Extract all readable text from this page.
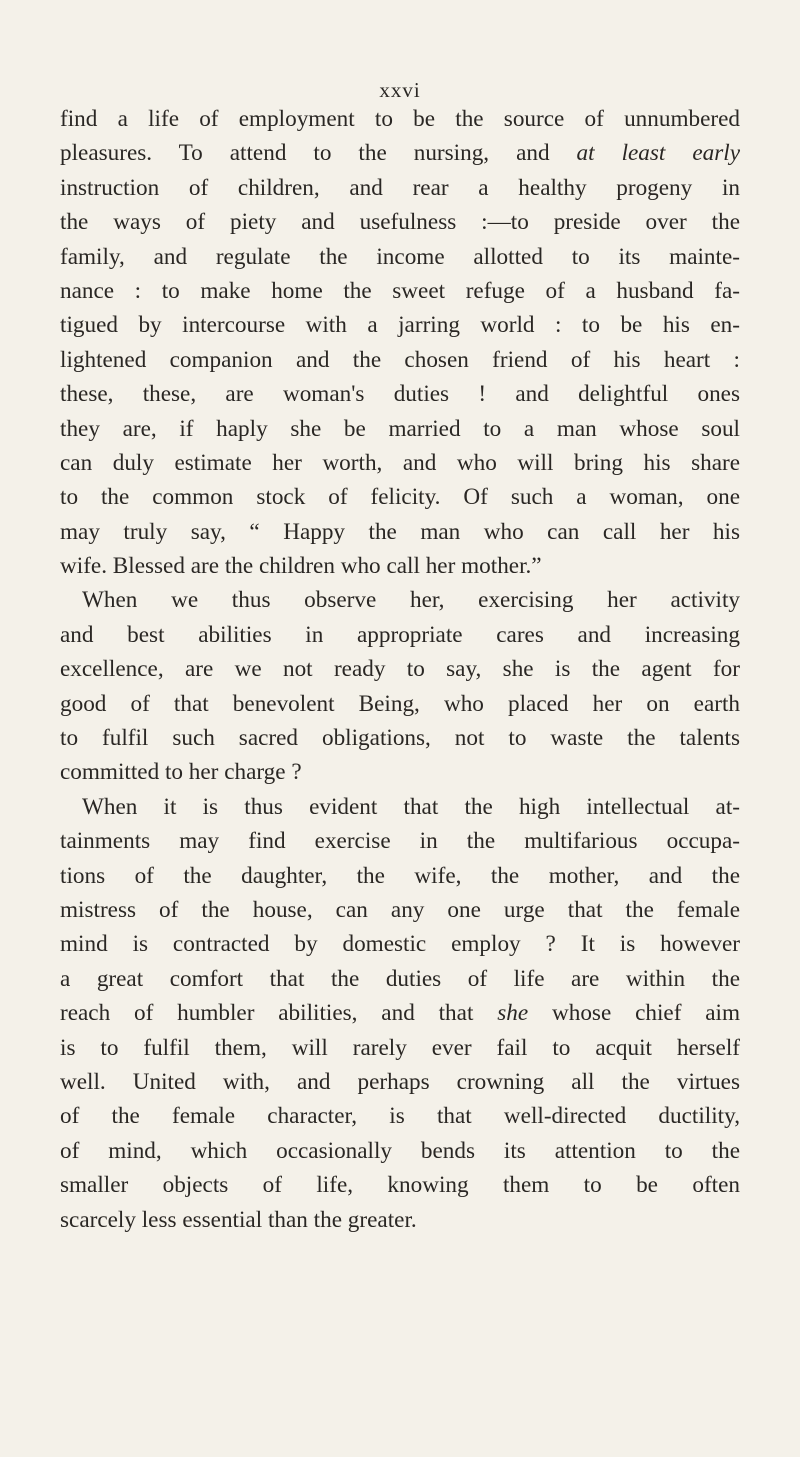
xxvi
find a life of employment to be the source of unnumbered
pleasures. To attend to the nursing, and at least early
instruction of children, and rear a healthy progeny in
the ways of piety and usefulness :—to preside over the
family, and regulate the income allotted to its mainte-
nance : to make home the sweet refuge of a husband fa-
tigued by intercourse with a jarring world : to be his en-
lightened companion and the chosen friend of his heart :
these, these, are woman's duties ! and delightful ones
they are, if haply she be married to a man whose soul
can duly estimate her worth, and who will bring his share
to the common stock of felicity. Of such a woman, one
may truly say, “ Happy the man who can call her his
wife. Blessed are the children who call her mother.”
When we thus observe her, exercising her activity
and best abilities in appropriate cares and increasing
excellence, are we not ready to say, she is the agent for
good of that benevolent Being, who placed her on earth
to fulfil such sacred obligations, not to waste the talents
committed to her charge ?
When it is thus evident that the high intellectual at-
tainments may find exercise in the multifarious occupa-
tions of the daughter, the wife, the mother, and the
mistress of the house, can any one urge that the female
mind is contracted by domestic employ ? It is however
a great comfort that the duties of life are within the
reach of humbler abilities, and that she whose chief aim
is to fulfil them, will rarely ever fail to acquit herself
well. United with, and perhaps crowning all the virtues
of the female character, is that well-directed ductility,
of mind, which occasionally bends its attention to the
smaller objects of life, knowing them to be often
scarcely less essential than the greater.
